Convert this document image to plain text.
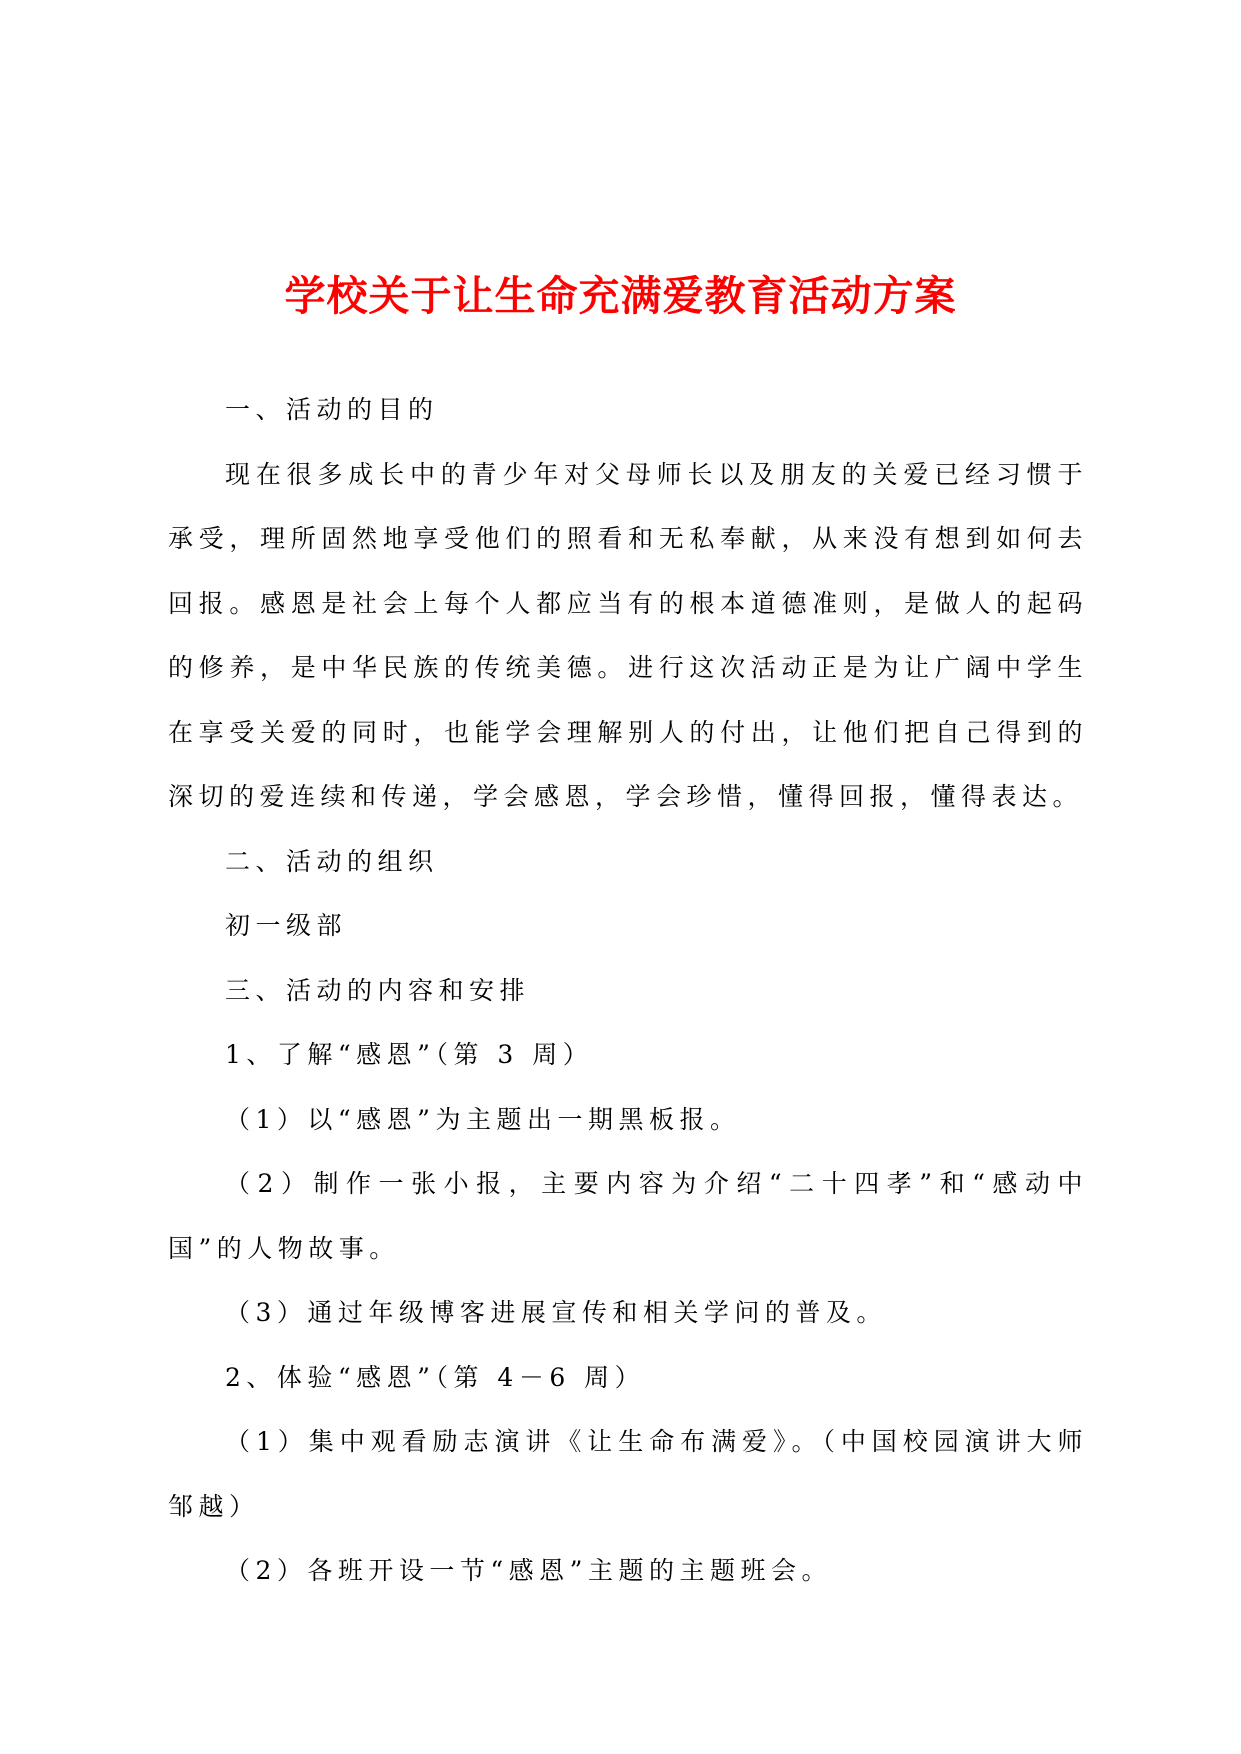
学校关于让生命充满爱教育活动方案

一、活动的目的

现在很多成长中的青少年对父母师长以及朋友的关爱已经习惯于承受，理所固然地享受他们的照看和无私奉献，从来没有想到如何去回报。感恩是社会上每个人都应当有的根本道德准则，是做人的起码的修养，是中华民族的传统美德。进行这次活动正是为让广阔中学生在享受关爱的同时，也能学会理解别人的付出，让他们把自己得到的深切的爱连续和传递，学会感恩，学会珍惜，懂得回报，懂得表达。

二、活动的组织

初一级部

三、活动的内容和安排

1、了解“感恩”（第 3 周）

（1）以“感恩”为主题出一期黑板报。

（2）制作一张小报，主要内容为介绍“二十四孝”和“感动中国”的人物故事。

（3）通过年级博客进展宣传和相关学问的普及。

2、体验“感恩”（第 4－6 周）

（1）集中观看励志演讲《让生命布满爱》。（中国校园演讲大师邹越）

（2）各班开设一节“感恩”主题的主题班会。
